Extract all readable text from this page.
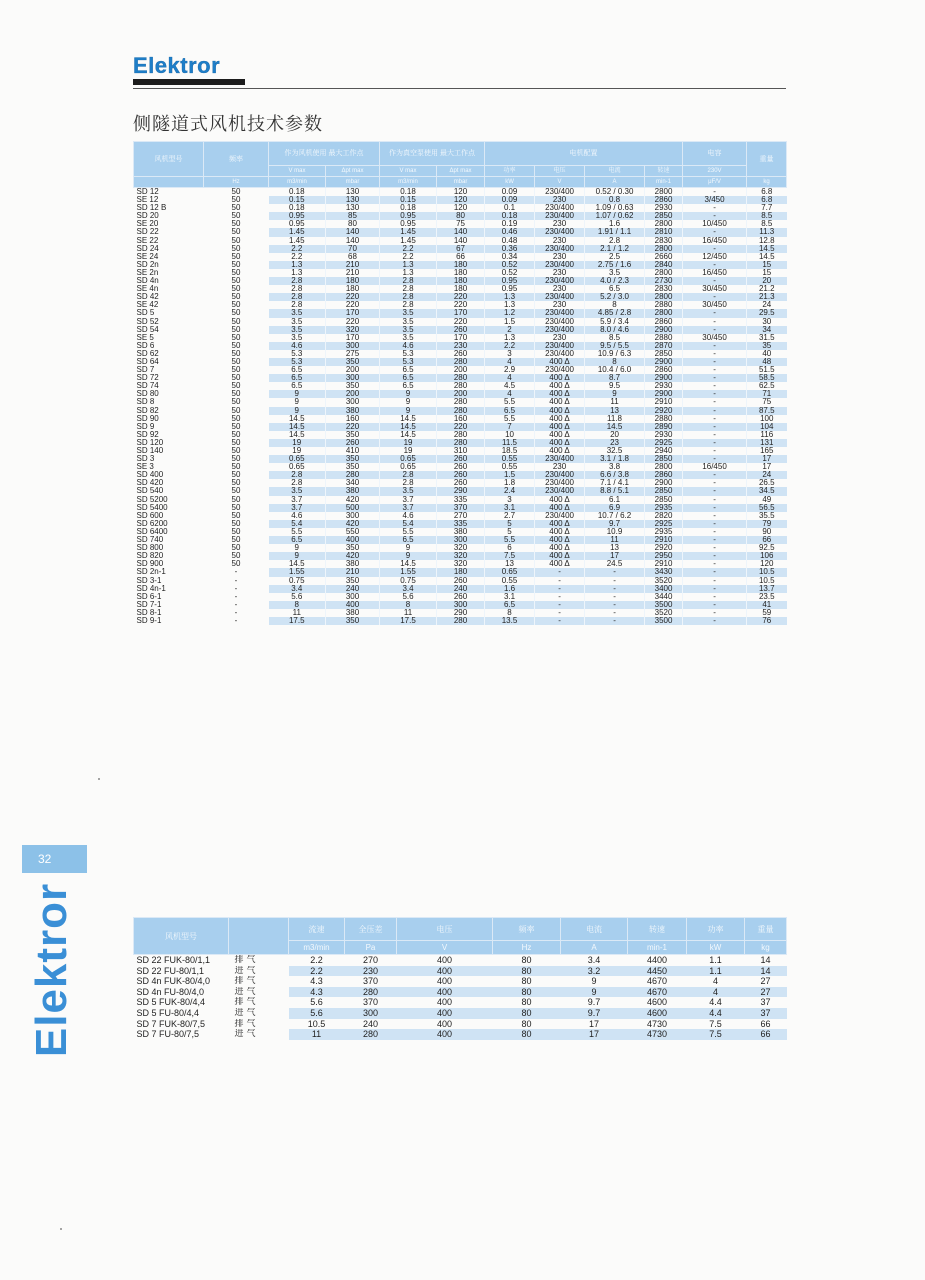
Elektror
侧隧道式风机技术参数
风机型号	频率	作为风机使用 最大工作点		作为真空泵使用 最大工作点		电机配置				电容	重量
		V max	Δpt max	V max	Δpt max	功率	电压	电流	转速	230V	
	Hz	m3/min	mbar	m3/min	mbar	kW	V	A	min-1	μF/V	kg
SD 12	50	0.18	130	0.18	120	0.09	230/400	0.52 / 0.30	2800	-	6.8
SE 12	50	0.15	130	0.15	120	0.09	230	0.8	2860	3/450	6.8
SD 12 B	50	0.18	130	0.18	120	0.1	230/400	1.09 / 0.63	2930	-	7.7
SD 20	50	0.95	85	0.95	80	0.18	230/400	1.07 / 0.62	2850	-	8.5
SE 20	50	0.95	80	0.95	75	0.19	230	1.6	2800	10/450	8.5
SD 22	50	1.45	140	1.45	140	0.46	230/400	1.91 / 1.1	2810	-	11.3
SE 22	50	1.45	140	1.45	140	0.48	230	2.8	2830	16/450	12.8
SD 24	50	2.2	70	2.2	67	0.36	230/400	2.1 / 1.2	2800	-	14.5
SE 24	50	2.2	68	2.2	66	0.34	230	2.5	2660	12/450	14.5
SD 2n	50	1.3	210	1.3	180	0.52	230/400	2.75 / 1.6	2840	-	15
SE 2n	50	1.3	210	1.3	180	0.52	230	3.5	2800	16/450	15
SD 4n	50	2.8	180	2.8	180	0.95	230/400	4.0 / 2.3	2730	-	20
SE 4n	50	2.8	180	2.8	180	0.95	230	6.5	2830	30/450	21.2
SD 42	50	2.8	220	2.8	220	1.3	230/400	5.2 / 3.0	2800	-	21.3
SE 42	50	2.8	220	2.8	220	1.3	230	8	2880	30/450	24
SD 5	50	3.5	170	3.5	170	1.2	230/400	4.85 / 2.8	2800	-	29.5
SD 52	50	3.5	220	3.5	220	1.5	230/400	5.9 / 3.4	2860	-	30
SD 54	50	3.5	320	3.5	260	2	230/400	8.0 / 4.6	2900	-	34
SE 5	50	3.5	170	3.5	170	1.3	230	8.5	2880	30/450	31.5
SD 6	50	4.6	300	4.6	230	2.2	230/400	9.5 / 5.5	2870	-	35
SD 62	50	5.3	275	5.3	260	3	230/400	10.9 / 6.3	2850	-	40
SD 64	50	5.3	350	5.3	280	4	400 Δ	8	2900	-	48
SD 7	50	6.5	200	6.5	200	2.9	230/400	10.4 / 6.0	2860	-	51.5
SD 72	50	6.5	300	6.5	280	4	400 Δ	8.7	2900	-	58.5
SD 74	50	6.5	350	6.5	280	4.5	400 Δ	9.5	2930	-	62.5
SD 80	50	9	200	9	200	4	400 Δ	9	2900	-	71
SD 8	50	9	300	9	280	5.5	400 Δ	11	2910	-	75
SD 82	50	9	380	9	280	6.5	400 Δ	13	2920	-	87.5
SD 90	50	14.5	160	14.5	160	5.5	400 Δ	11.8	2880	-	100
SD 9	50	14.5	220	14.5	220	7	400 Δ	14.5	2890	-	104
SD 92	50	14.5	350	14.5	280	10	400 Δ	20	2930	-	116
SD 120	50	19	260	19	280	11.5	400 Δ	23	2925	-	131
SD 140	50	19	410	19	310	18.5	400 Δ	32.5	2940	-	165
SD 3	50	0.65	350	0.65	260	0.55	230/400	3.1 / 1.8	2850	-	17
SE 3	50	0.65	350	0.65	260	0.55	230	3.8	2800	16/450	17
SD 400	50	2.8	280	2.8	260	1.5	230/400	6.6 / 3.8	2860	-	24
SD 420	50	2.8	340	2.8	260	1.8	230/400	7.1 / 4.1	2900	-	26.5
SD 540	50	3.5	380	3.5	290	2.4	230/400	8.8 / 5.1	2850	-	34.5
SD 5200	50	3.7	420	3.7	335	3	400 Δ	6.1	2850	-	49
SD 5400	50	3.7	500	3.7	370	3.1	400 Δ	6.9	2935	-	56.5
SD 600	50	4.6	300	4.6	270	2.7	230/400	10.7 / 6.2	2820	-	35.5
SD 6200	50	5.4	420	5.4	335	5	400 Δ	9.7	2925	-	79
SD 6400	50	5.5	550	5.5	380	5	400 Δ	10.9	2935	-	90
SD 740	50	6.5	400	6.5	300	5.5	400 Δ	11	2910	-	66
SD 800	50	9	350	9	320	6	400 Δ	13	2920	-	92.5
SD 820	50	9	420	9	320	7.5	400 Δ	17	2950	-	106
SD 900	50	14.5	380	14.5	320	13	400 Δ	24.5	2910	-	120
SD 2n-1	-	1.55	210	1.55	180	0.65	-	-	3430	-	10.5
SD 3-1	-	0.75	350	0.75	260	0.55	-	-	3520	-	10.5
SD 4n-1	-	3.4	240	3.4	240	1.6	-	-	3400	-	13.7
SD 6-1	-	5.6	300	5.6	260	3.1	-	-	3440	-	23.5
SD 7-1	-	8	400	8	300	6.5	-	-	3500	-	41
SD 8-1	-	11	380	11	290	8	-	-	3520	-	59
SD 9-1	-	17.5	350	17.5	280	13.5	-	-	3500	-	76
32
Elektror	风机型号		流速	全压差	电压	频率	电流	转速	功率	重量
		m3/min	Pa	V	Hz	A	min-1	kW	kg
SD 22 FUK-80/1,1	排气	2.2	270	400	80	3.4	4400	1.1	14
SD 22 FU-80/1,1	进气	2.2	230	400	80	3.2	4450	1.1	14
SD 4n FUK-80/4,0	排气	4.3	370	400	80	9	4670	4	27
SD 4n FU-80/4,0	进气	4.3	280	400	80	9	4670	4	27
SD 5 FUK-80/4,4	排气	5.6	370	400	80	9.7	4600	4.4	37
SD 5 FU-80/4,4	进气	5.6	300	400	80	9.7	4600	4.4	37
SD 7 FUK-80/7,5	排气	10.5	240	400	80	17	4730	7.5	66
SD 7 FU-80/7,5	进气	11	280	400	80	17	4730	7.5	66
